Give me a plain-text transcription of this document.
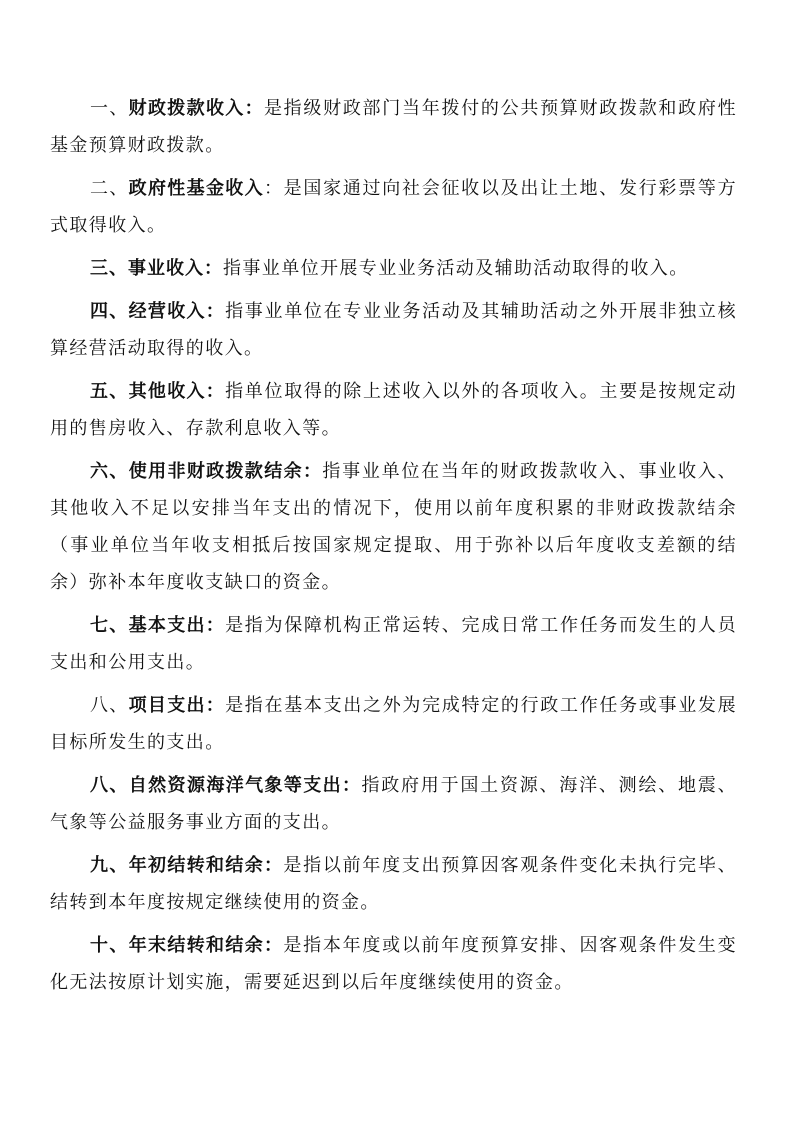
一、财政拨款收入：是指级财政部门当年拨付的公共预算财政拨款和政府性基金预算财政拨款。

二、政府性基金收入：是国家通过向社会征收以及出让土地、发行彩票等方式取得收入。

三、事业收入：指事业单位开展专业业务活动及辅助活动取得的收入。

四、经营收入：指事业单位在专业业务活动及其辅助活动之外开展非独立核算经营活动取得的收入。

五、其他收入：指单位取得的除上述收入以外的各项收入。主要是按规定动用的售房收入、存款利息收入等。

六、使用非财政拨款结余：指事业单位在当年的财政拨款收入、事业收入、其他收入不足以安排当年支出的情况下，使用以前年度积累的非财政拨款结余（事业单位当年收支相抵后按国家规定提取、用于弥补以后年度收支差额的结余）弥补本年度收支缺口的资金。

七、基本支出：是指为保障机构正常运转、完成日常工作任务而发生的人员支出和公用支出。

八、项目支出：是指在基本支出之外为完成特定的行政工作任务或事业发展目标所发生的支出。

八、自然资源海洋气象等支出：指政府用于国土资源、海洋、测绘、地震、气象等公益服务事业方面的支出。

九、年初结转和结余：是指以前年度支出预算因客观条件变化未执行完毕、结转到本年度按规定继续使用的资金。

十、年末结转和结余：是指本年度或以前年度预算安排、因客观条件发生变化无法按原计划实施，需要延迟到以后年度继续使用的资金。
